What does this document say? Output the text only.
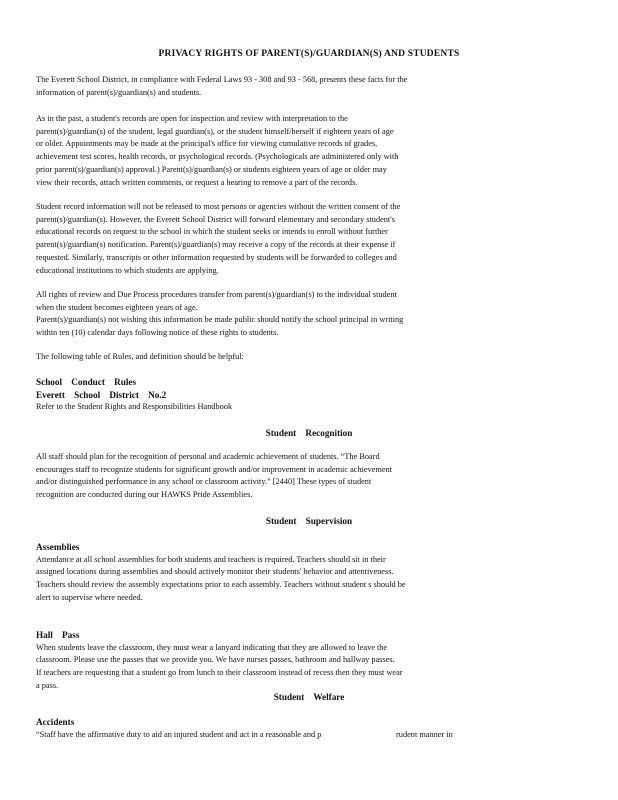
PRIVACY RIGHTS OF PARENT(S)/GUARDIAN(S) AND STUDENTS

The Everett School District, in compliance with Federal Laws 93 - 308 and 93 - 568, presents these facts for the
information of parent(s)/guardian(s) and students.

As in the past, a student's records are open for inspection and review with interpretation to the
parent(s)/guardian(s) of the student, legal guardian(s), or the student himself/herself if eighteen years of age
or older. Appointments may be made at the principal's office for viewing cumulative records of grades,
achievement test scores, health records, or psychological records. (Psychologicals are administered only with
prior parent(s)/guardian(s) approval.) Parent(s)/guardian(s) or students eighteen years of age or older may
view their records, attach written comments, or request a hearing to remove a part of the records.

Student record information will not be released to most persons or agencies without the written consent of the
parent(s)/guardian(s). However, the Everett School District will forward elementary and secondary student's
educational records on request to the school in which the student seeks or intends to enroll without further
parent(s)/guardian(s) notification. Parent(s)/guardian(s) may receive a copy of the records at their expense if
requested. Similarly, transcripts or other information requested by students will be forwarded to colleges and
educational institutions to which students are applying.

All rights of review and Due Process procedures transfer from parent(s)/guardian(s) to the individual student
when the student becomes eighteen years of age.
Parent(s)/guardian(s) not wishing this information be made public should notify the school principal in writing
within ten (10) calendar days following notice of these rights to students.

The following table of Rules, and definition should be helpful:

School    Conduct    Rules

Everett    School    District    No.2

Refer to the Student Rights and Responsibilities Handbook

Student    Recognition

All staff should plan for the recognition of personal and academic achievement of students. “The Board
encourages staff to recognize students for significant growth and/or improvement in academic achievement
and/or distinguished performance in any school or classroom activity.” [2440] These types of student
recognition are conducted during our HAWKS Pride Assemblies.

Student    Supervision

Assemblies

Attendance at all school assemblies for both students and teachers is required. Teachers should sit in their
assigned locations during assemblies and should actively monitor their students' behavior and attentiveness.
Teachers should review the assembly expectations prior to each assembly. Teachers without student s should be
alert to supervise where needed.

Hall    Pass

When students leave the classroom, they must wear a lanyard indicating that they are allowed to leave the
classroom. Please use the passes that we provide you. We have nurses passes, bathroom and hallway passes.
If teachers are requesting that a student go from lunch to their classroom instead of recess then they must wear
a pass.

Student    Welfare

Accidents

“Staff have the affirmative duty to aid an injured student and act in a reasonable and p                                    rudent manner in
